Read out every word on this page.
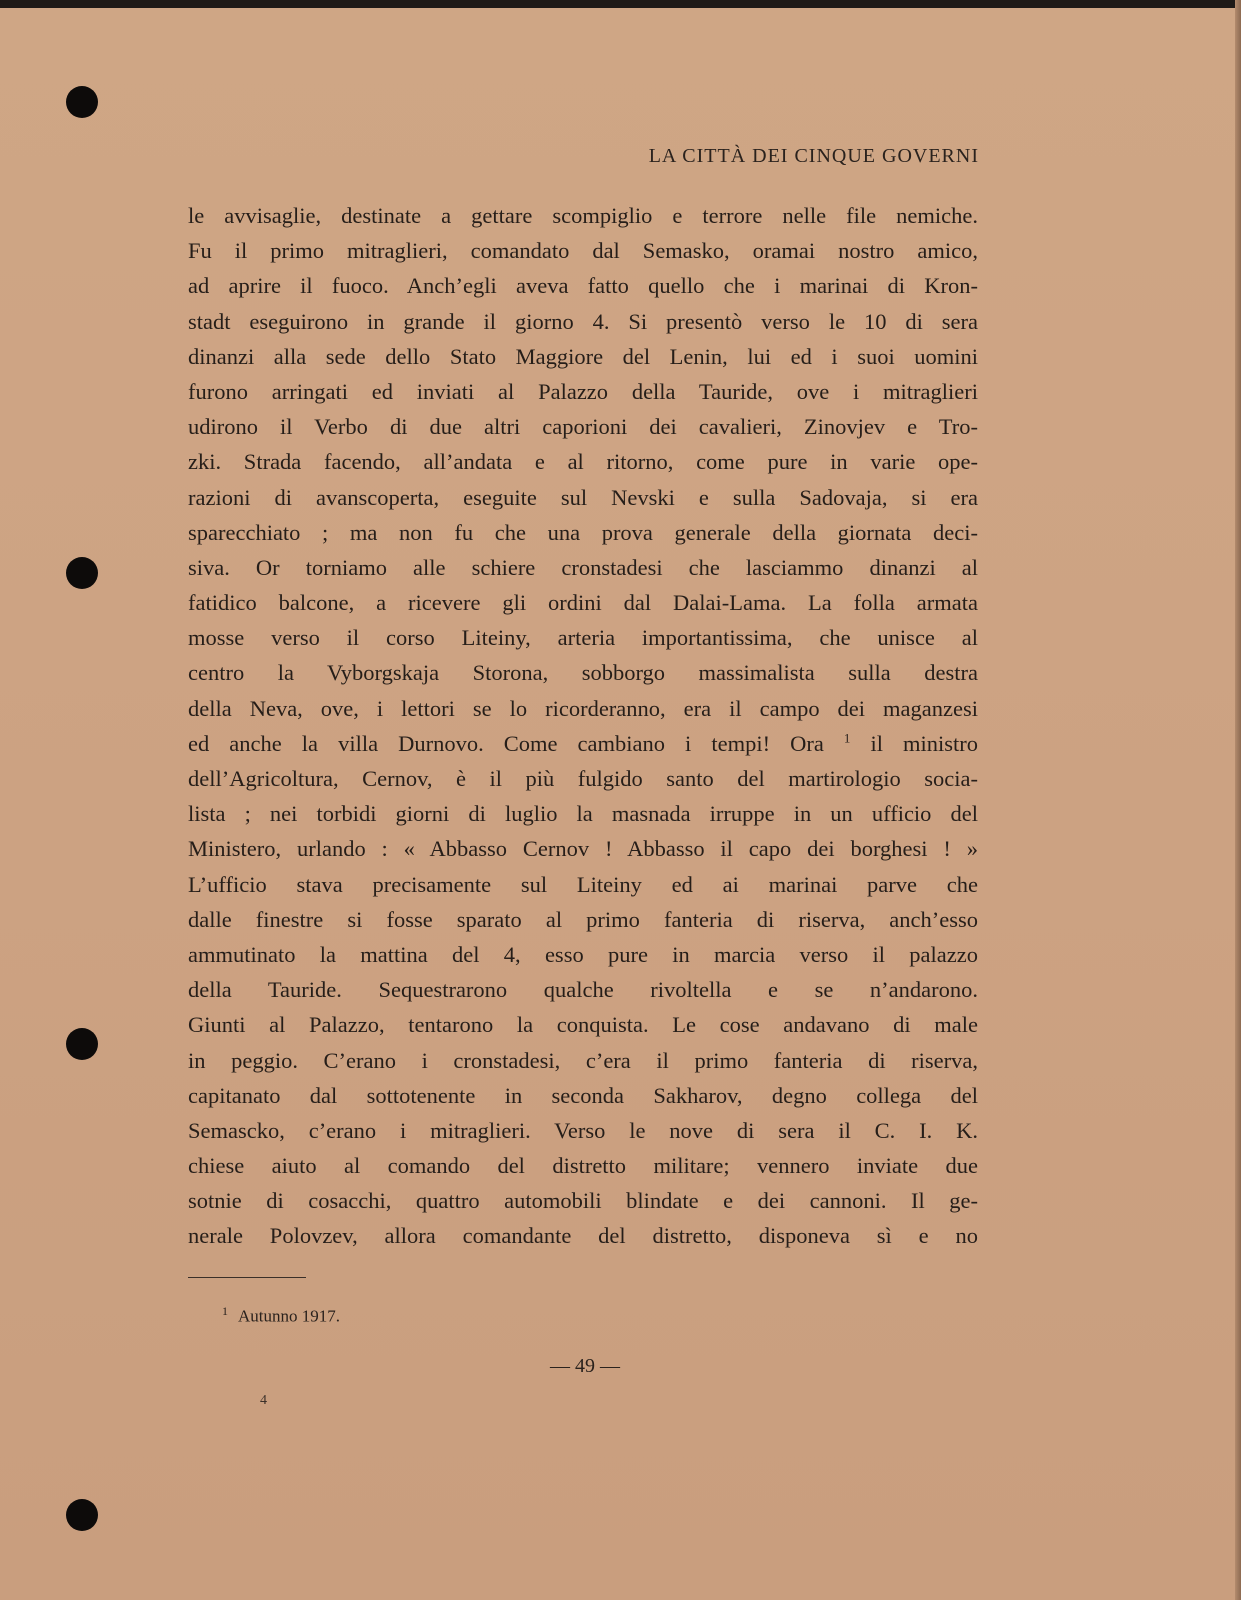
LA CITTÀ DEI CINQUE GOVERNI
le avvisaglie, destinate a gettare scompiglio e terrore nelle file nemiche.
Fu il primo mitraglieri, comandato dal Semasko, oramai nostro amico,
ad aprire il fuoco. Anch’egli aveva fatto quello che i marinai di Kron-
stadt eseguirono in grande il giorno 4. Si presentò verso le 10 di sera
dinanzi alla sede dello Stato Maggiore del Lenin, lui ed i suoi uomini
furono arringati ed inviati al Palazzo della Tauride, ove i mitraglieri
udirono il Verbo di due altri caporioni dei cavalieri, Zinovjev e Tro-
zki. Strada facendo, all’andata e al ritorno, come pure in varie ope-
razioni di avanscoperta, eseguite sul Nevski e sulla Sadovaja, si era
sparecchiato ; ma non fu che una prova generale della giornata deci-
siva. Or torniamo alle schiere cronstadesi che lasciammo dinanzi al
fatidico balcone, a ricevere gli ordini dal Dalai-Lama. La folla armata
mosse verso il corso Liteiny, arteria importantissima, che unisce al
centro la Vyborgskaja Storona, sobborgo massimalista sulla destra
della Neva, ove, i lettori se lo ricorderanno, era il campo dei maganzesi
ed anche la villa Durnovo. Come cambiano i tempi! Ora $^1$ il ministro
dell’Agricoltura, Cernov, è il più fulgido santo del martirologio socia-
lista ; nei torbidi giorni di luglio la masnada irruppe in un ufficio del
Ministero, urlando : « Abbasso Cernov ! Abbasso il capo dei borghesi ! »
L’ufficio stava precisamente sul Liteiny ed ai marinai parve che
dalle finestre si fosse sparato al primo fanteria di riserva, anch’esso
ammutinato la mattina del 4, esso pure in marcia verso il palazzo
della Tauride. Sequestrarono qualche rivoltella e se n’andarono.
Giunti al Palazzo, tentarono la conquista. Le cose andavano di male
in peggio. C’erano i cronstadesi, c’era il primo fanteria di riserva,
capitanato dal sottotenente in seconda Sakharov, degno collega del
Semascko, c’erano i mitraglieri. Verso le nove di sera il C. I. K.
chiese aiuto al comando del distretto militare; vennero inviate due
sotnie di cosacchi, quattro automobili blindate e dei cannoni. Il ge-
nerale Polovzev, allora comandante del distretto, disponeva sì e no
$^1$ Autunno 1917.
— 49 —
4
